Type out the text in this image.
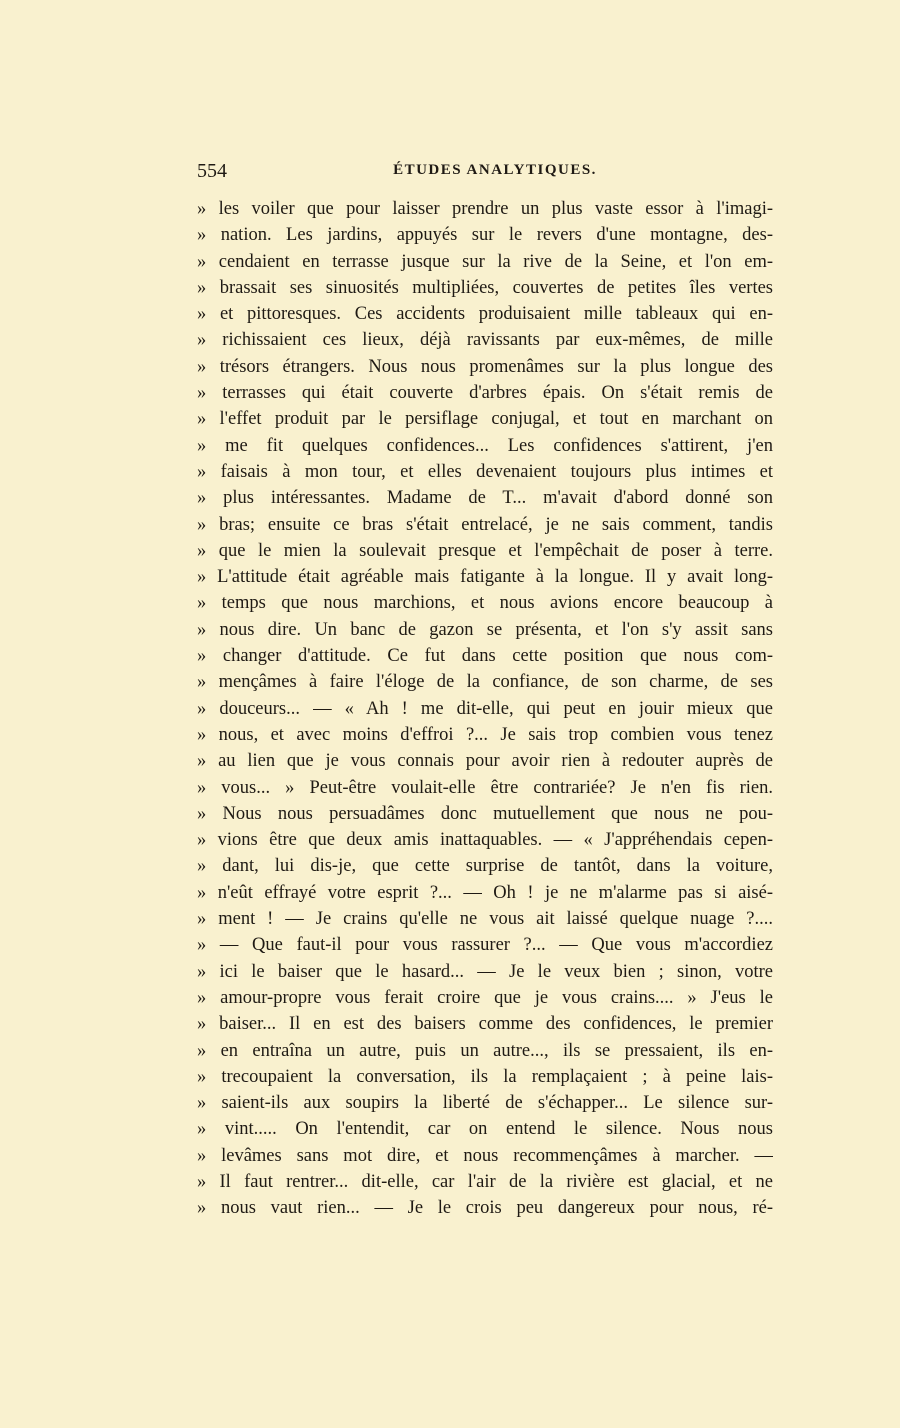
554	ÉTUDES ANALYTIQUES.
» les voiler que pour laisser prendre un plus vaste essor à l'imagi-
» nation. Les jardins, appuyés sur le revers d'une montagne, des-
» cendaient en terrasse jusque sur la rive de la Seine, et l'on em-
» brassait ses sinuosités multipliées, couvertes de petites îles vertes
» et pittoresques. Ces accidents produisaient mille tableaux qui en-
» richissaient ces lieux, déjà ravissants par eux-mêmes, de mille
» trésors étrangers. Nous nous promenâmes sur la plus longue des
» terrasses qui était couverte d'arbres épais. On s'était remis de
» l'effet produit par le persiflage conjugal, et tout en marchant on
» me fit quelques confidences... Les confidences s'attirent, j'en
» faisais à mon tour, et elles devenaient toujours plus intimes et
» plus intéressantes. Madame de T... m'avait d'abord donné son
» bras; ensuite ce bras s'était entrelacé, je ne sais comment, tandis
» que le mien la soulevait presque et l'empêchait de poser à terre.
» L'attitude était agréable mais fatigante à la longue. Il y avait long-
» temps que nous marchions, et nous avions encore beaucoup à
» nous dire. Un banc de gazon se présenta, et l'on s'y assit sans
» changer d'attitude. Ce fut dans cette position que nous com-
» mençâmes à faire l'éloge de la confiance, de son charme, de ses
» douceurs... — « Ah ! me dit-elle, qui peut en jouir mieux que
» nous, et avec moins d'effroi ?... Je sais trop combien vous tenez
» au lien que je vous connais pour avoir rien à redouter auprès de
» vous... » Peut-être voulait-elle être contrariée? Je n'en fis rien.
» Nous nous persuadâmes donc mutuellement que nous ne pou-
» vions être que deux amis inattaquables. — « J'appréhendais cepen-
» dant, lui dis-je, que cette surprise de tantôt, dans la voiture,
» n'eût effrayé votre esprit ?... — Oh ! je ne m'alarme pas si aisé-
» ment ! — Je crains qu'elle ne vous ait laissé quelque nuage ?....
» — Que faut-il pour vous rassurer ?... — Que vous m'accordiez
» ici le baiser que le hasard... — Je le veux bien ; sinon, votre
» amour-propre vous ferait croire que je vous crains.... » J'eus le
» baiser... Il en est des baisers comme des confidences, le premier
» en entraîna un autre, puis un autre..., ils se pressaient, ils en-
» trecoupaient la conversation, ils la remplaçaient ; à peine lais-
» saient-ils aux soupirs la liberté de s'échapper... Le silence sur-
» vint..... On l'entendit, car on entend le silence. Nous nous
» levâmes sans mot dire, et nous recommençâmes à marcher. —
» Il faut rentrer... dit-elle, car l'air de la rivière est glacial, et ne
» nous vaut rien... — Je le crois peu dangereux pour nous, ré-
